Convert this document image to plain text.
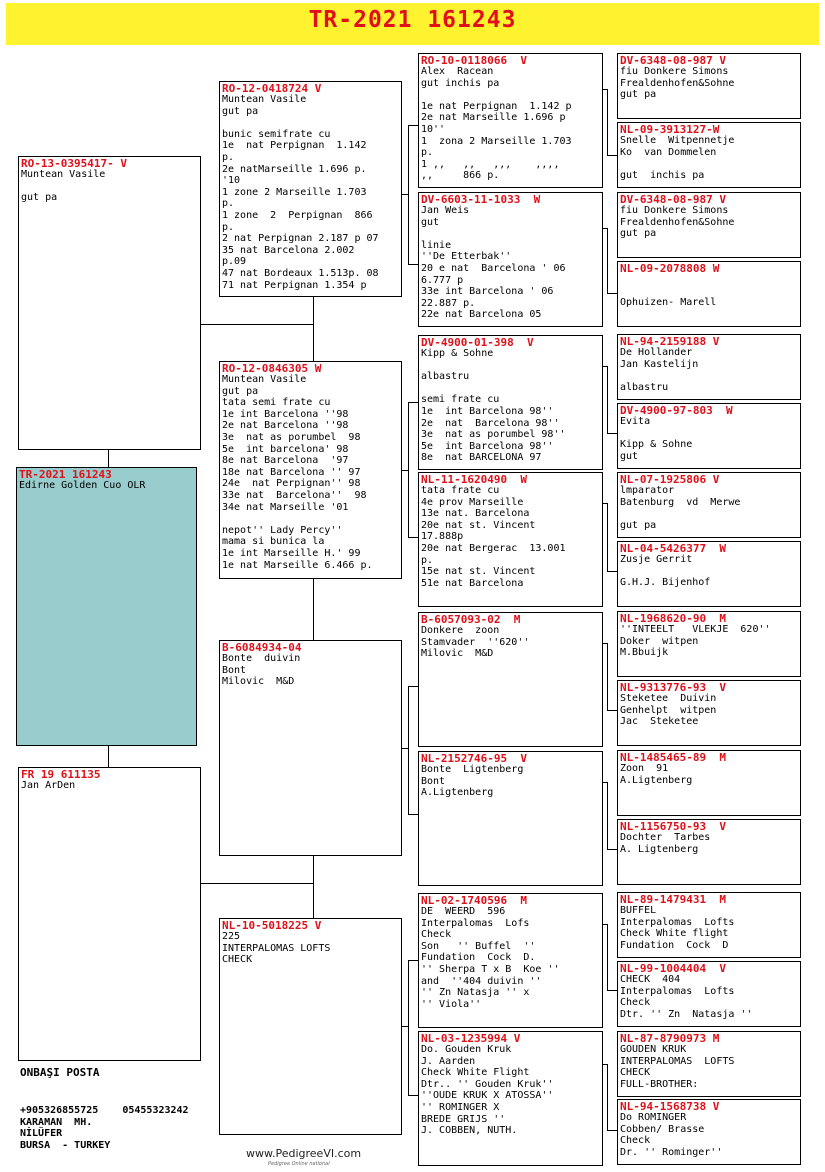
TR-2021 161243
RO-13-0395417- V
Muntean Vasile

gut pa
TR-2021 161243
Edirne Golden Cuo OLR
FR 19 611135
Jan ArDen
RO-12-0418724 V
Muntean Vasile
gut pa

bunic semifrate cu
1e  nat Perpignan  1.142
p.
2e natMarseille 1.696 p.
'10
1 zone 2 Marseille 1.703
p.
1 zone  2  Perpignan  866
p.
2 nat Perpignan 2.187 p 07
35 nat Barcelona 2.002
p.09
47 nat Bordeaux 1.513p. 08
71 nat Perpignan 1.354 p
RO-12-0846305 W
Muntean Vasile
gut pa
tata semi frate cu
1e int Barcelona ''98
2e nat Barcelona ''98
3e  nat as porumbel  98
5e  int barcelona' 98
8e nat Barcelona  '97
18e nat Barcelona '' 97
24e  nat Perpignan'' 98
33e nat  Barcelona''  98
34e nat Marseille '01

nepot'' Lady Percy''
mama si bunica la
1e int Marseille H.' 99
1e nat Marseille 6.466 p.
B-6084934-04
Bonte  duivin
Bont
Milovic  M&D
NL-10-5018225 V
225
INTERPALOMAS LOFTS
CHECK
RO-10-0118066  V
Alex  Racean
gut inchis pa

1e nat Perpignan  1.142 p
2e nat Marseille 1.696 p
10''
1  zona 2 Marseille 1.703
p.
1 ,,   ,,   ,,,    ,,,,
,,     866 p.
DV-6603-11-1033  W
Jan Weis
gut

linie
''De Etterbak''
20 e nat  Barcelona ' 06
6.777 p
33e int Barcelona ' 06
22.887 p.
22e nat Barcelona 05
DV-4900-01-398  V
Kipp & Sohne

albastru

semi frate cu
1e  int Barcelona 98''
2e  nat  Barcelona 98''
3e  nat as porumbel 98''
5e  int Barcelona 98''
8e  nat BARCELONA 97
NL-11-1620490  W
tata frate cu
4e prov Marseille
13e nat. Barcelona
20e nat st. Vincent
17.888p
20e nat Bergerac  13.001
p.
15e nat st. Vincent
51e nat Barcelona
B-6057093-02  M
Donkere  zoon
Stamvader  ''620''
Milovic  M&D
NL-2152746-95  V
Bonte  Ligtenberg
Bont
A.Ligtenberg
NL-02-1740596  M
DE  WEERD  596
Interpalomas  Lofs
Check
Son   '' Buffel  ''
Fundation  Cock  D.
'' Sherpa T x B  Koe ''
and  ''404 duivin ''
'' Zn Natasja '' x
'' Viola''
NL-03-1235994 V
Do. Gouden Kruk
J. Aarden
Check White Flight
Dtr.. '' Gouden Kruk''
''OUDE KRUK X ATOSSA''
'' ROMINGER X
BREDE GRIJS ''
J. COBBEN, NUTH.
DV-6348-08-987 V
fiu Donkere Simons
Frealdenhofen&Sohne
gut pa
NL-09-3913127-W
Snelle  Witpennetje
Ko  van Dommelen

gut  inchis pa
DV-6348-08-987 V
fiu Donkere Simons
Frealdenhofen&Sohne
gut pa
NL-09-2078808 W

Ophuizen- Marell
NL-94-2159188 V
De Hollander
Jan Kastelijn

albastru
DV-4900-97-803  W
Evita

Kipp & Sohne
gut
NL-07-1925806 V
lmparator
Batenburg  vd  Merwe

gut pa
NL-04-5426377  W
Zusje Gerrit

G.H.J. Bijenhof
NL-1968620-90  M
''INTEELT   VLEKJE  620''
Doker  witpen
M.Bbuijk
NL-9313776-93  V
Steketee  Duivin
Genhelpt  witpen
Jac  Steketee
NL-1485465-89  M
Zoon  91
A.Ligtenberg
NL-1156750-93  V
Dochter  Tarbes
A. Ligtenberg
NL-89-1479431  M
BUFFEL
Interpalomas  Lofts
Check White flight
Fundation  Cock  D
NL-99-1004404  V
CHECK  404
Interpalomas  Lofts
Check
Dtr. '' Zn  Natasja ''
NL-87-8790973 M
GOUDEN KRUK
INTERPALOMAS  LOFTS
CHECK
FULL-BROTHER:
NL-94-1568738 V
Do ROMINGER
Cobben/ Brasse
Check
Dr. '' Rominger''
ONBAŞI POSTA
+905326855725    05455323242
KARAMAN  MH.
NİLÜFER
BURSA  - TURKEY
www.PedigreeVI.com
Pedigree Online national
